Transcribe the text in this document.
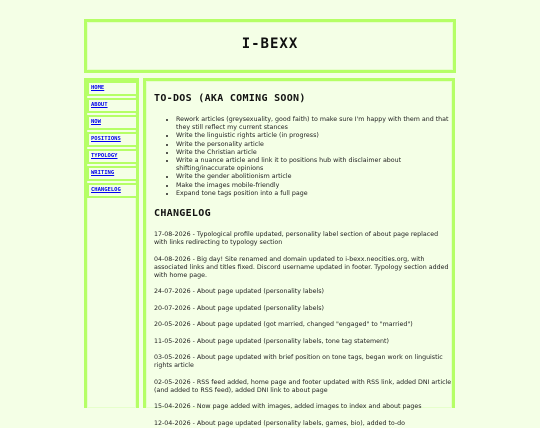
I-BEXX
HOME
ABOUT
NOW
POSITIONS
TYPOLOGY
WRITING
CHANGELOG
TO-DOS (AKA COMING SOON)
• Rework articles (greysexuality, good faith) to make sure I'm happy with them and that they still reflect my current stances
• Write the linguistic rights article (in progress)
• Write the personality article
• Write the Christian article
• Write a nuance article and link it to positions hub with disclaimer about shifting/inaccurate opinions
• Write the gender abolitionism article
• Make the images mobile-friendly
• Expand tone tags position into a full page
CHANGELOG

17-08-2026 - Typological profile updated, personality label section of about page replaced with links redirecting to typology section

04-08-2026 - Big day! Site renamed and domain updated to i-bexx.neocities.org, with associated links and titles fixed. Discord username updated in footer. Typology section added with home page.

24-07-2026 - About page updated (personality labels)

20-07-2026 - About page updated (personality labels)

20-05-2026 - About page updated (got married, changed "engaged" to "married")

11-05-2026 - About page updated (personality labels, tone tag statement)

03-05-2026 - About page updated with brief position on tone tags, began work on linguistic rights article

02-05-2026 - RSS feed added, home page and footer updated with RSS link, added DNI article (and added to RSS feed), added DNI link to about page

15-04-2026 - Now page added with images, added images to index and about pages

12-04-2026 - About page updated (personality labels, games, bio), added to-do
